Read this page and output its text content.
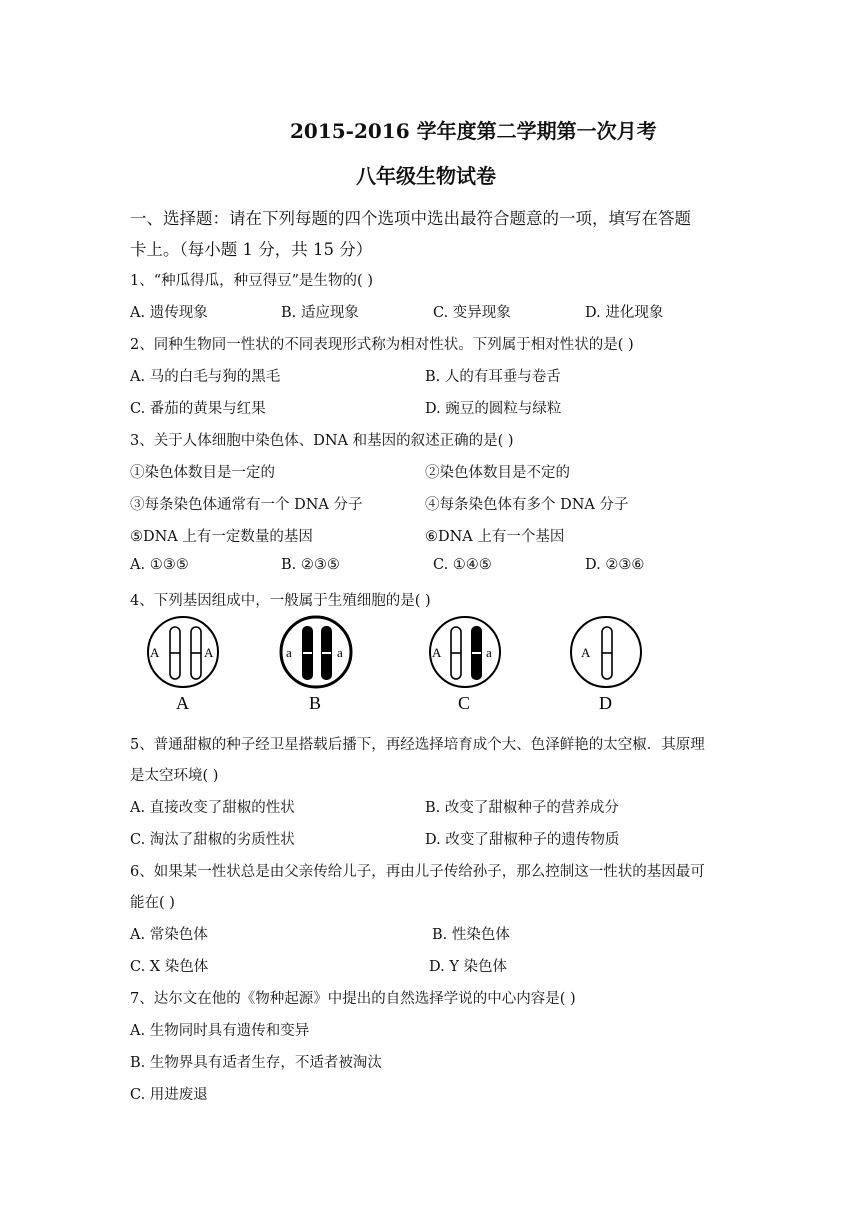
2015-2016 学年度第二学期第一次月考
八年级生物试卷
一、选择题：请在下列每题的四个选项中选出最符合题意的一项，填写在答题
卡上。（每小题 1 分，共 15 分）
1、“种瓜得瓜，种豆得豆”是生物的( )
A. 遗传现象	B. 适应现象	C. 变异现象	D. 进化现象
2、同种生物同一性状的不同表现形式称为相对性状。下列属于相对性状的是( )
A. 马的白毛与狗的黑毛	B. 人的有耳垂与卷舌
C. 番茄的黄果与红果	D. 豌豆的圆粒与绿粒
3、关于人体细胞中染色体、DNA 和基因的叙述正确的是( )
①染色体数目是一定的	②染色体数目是不定的
③每条染色体通常有一个 DNA 分子	④每条染色体有多个 DNA 分子
⑤DNA 上有一定数量的基因	⑥DNA 上有一个基因
A. ①③⑤	B. ②③⑤	C. ①④⑤	D. ②③⑥
4、下列基因组成中，一般属于生殖细胞的是( )
A	A
A
a	a
B
A	a
C
A
D
5、普通甜椒的种子经卫星搭载后播下，再经选择培育成个大、色泽鲜艳的太空椒．其原理
是太空环境( )
A. 直接改变了甜椒的性状	B. 改变了甜椒种子的营养成分
C. 淘汰了甜椒的劣质性状	D. 改变了甜椒种子的遗传物质
6、如果某一性状总是由父亲传给儿子，再由儿子传给孙子，那么控制这一性状的基因最可
能在( )
A. 常染色体	B. 性染色体
C. X 染色体	D. Y 染色体
7、达尔文在他的《物种起源》中提出的自然选择学说的中心内容是( )
A. 生物同时具有遗传和变异
B. 生物界具有适者生存，不适者被淘汰
C. 用进废退
